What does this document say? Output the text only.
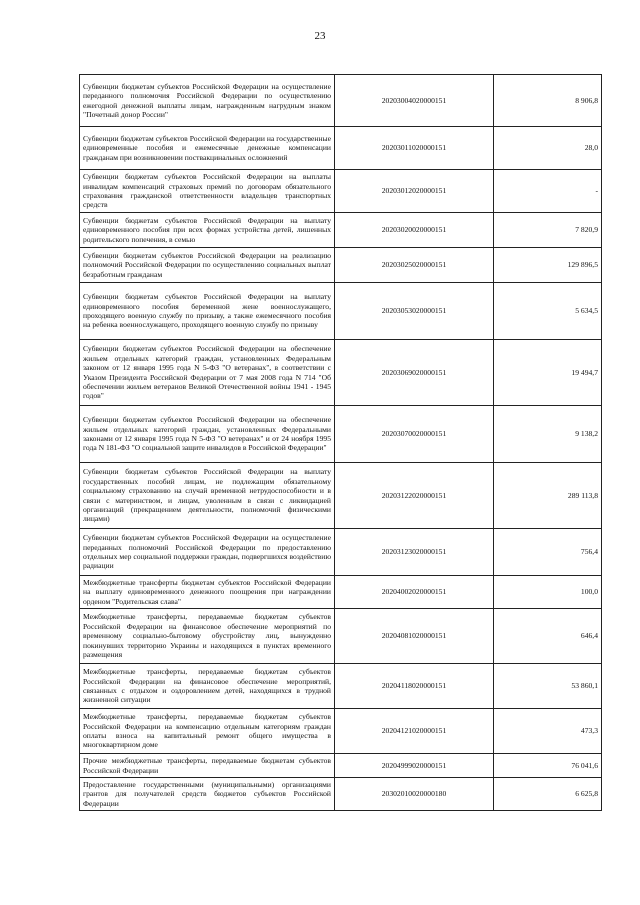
23
Субвенции бюджетам субъектов Российской Федерации на осуществление переданного полномочия Российской Федерации по осуществлению ежегодной денежной выплаты лицам, награжденным нагрудным знаком "Почетный донор России"	20203004020000151	8 906,8
Субвенции бюджетам субъектов Российской Федерации на государственные единовременные пособия и ежемесячные денежные компенсации гражданам при возникновении поствакцинальных осложнений	20203011020000151	28,0
Субвенции бюджетам субъектов Российской Федерации на выплаты инвалидам компенсаций страховых премий по договорам обязательного страхования гражданской ответственности владельцев транспортных средств	20203012020000151	-
Субвенции бюджетам субъектов Российской Федерации на выплату единовременного пособия при всех формах устройства детей, лишенных родительского попечения, в семью	20203020020000151	7 820,9
Субвенции бюджетам субъектов Российской Федерации на реализацию полномочий Российской Федерации по осуществлению социальных выплат безработным гражданам	20203025020000151	129 896,5
Субвенции бюджетам субъектов Российской Федерации на выплату единовременного пособия беременной жене военнослужащего, проходящего военную службу по призыву, а также ежемесячного пособия на ребенка военнослужащего, проходящего военную службу по призыву	20203053020000151	5 634,5
Субвенции бюджетам субъектов Российской Федерации на обеспечение жильем отдельных категорий граждан, установленных Федеральным законом от 12 января 1995 года N 5-ФЗ "О ветеранах", в соответствии с Указом Президента Российской Федерации от 7 мая 2008 года N 714 "Об обеспечении жильем ветеранов Великой Отечественной войны 1941 - 1945 годов"	20203069020000151	19 494,7
Субвенции бюджетам субъектов Российской Федерации на обеспечение жильем отдельных категорий граждан, установленных Федеральными законами от 12 января 1995 года N 5-ФЗ "О ветеранах" и от 24 ноября 1995 года N 181-ФЗ "О социальной защите инвалидов в Российской Федерации"	20203070020000151	9 138,2
Субвенции бюджетам субъектов Российской Федерации на выплату государственных пособий лицам, не подлежащим обязательному социальному страхованию на случай временной нетрудоспособности и в связи с материнством, и лицам, уволенным в связи с ликвидацией организаций (прекращением деятельности, полномочий физическими лицами)	20203122020000151	289 113,8
Субвенции бюджетам субъектов Российской Федерации на осуществление переданных полномочий Российской Федерации по предоставлению отдельных мер социальной поддержки граждан, подвергшихся воздействию радиации	20203123020000151	756,4
Межбюджетные трансферты бюджетам субъектов Российской Федерации на выплату единовременного денежного поощрения при награждении орденом "Родительская слава"	20204002020000151	100,0
Межбюджетные трансферты, передаваемые бюджетам субъектов Российской Федерации на финансовое обеспечение мероприятий по временному социально-бытовому обустройству лиц, вынужденно покинувших территорию Украины и находящихся в пунктах временного размещения	20204081020000151	646,4
Межбюджетные трансферты, передаваемые бюджетам субъектов Российской Федерации на финансовое обеспечение мероприятий, связанных с отдыхом и оздоровлением детей, находящихся в трудной жизненной ситуации	20204118020000151	53 860,1
Межбюджетные трансферты, передаваемые бюджетам субъектов Российской Федерации на компенсацию отдельным категориям граждан оплаты взноса на капитальный ремонт общего имущества в многоквартирном доме	20204121020000151	473,3
Прочие межбюджетные трансферты, передаваемые бюджетам субъектов Российской Федерации	20204999020000151	76 041,6
Предоставление государственными (муниципальными) организациями грантов для получателей средств бюджетов субъектов Российской Федерации	20302010020000180	6 625,8
